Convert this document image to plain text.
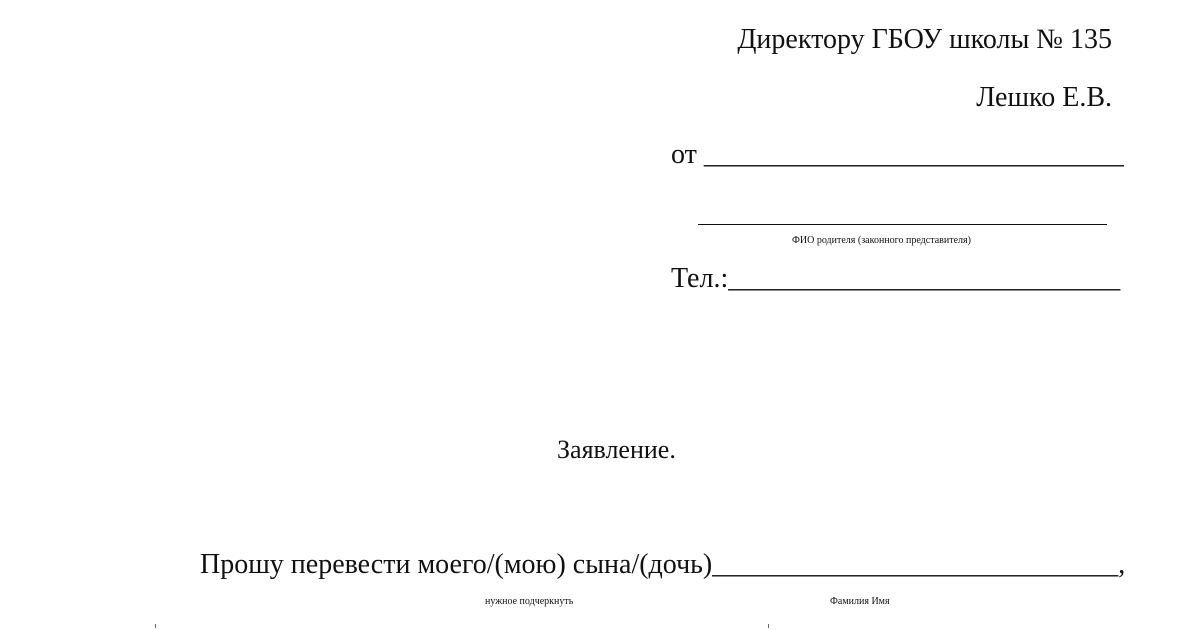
Директору ГБОУ школы № 135
Лешко Е.В.
от ______________________________
ФИО родителя (законного представителя)
Тел.:____________________________
Заявление.
Прошу перевести моего/(мою) сына/(дочь)_____________________________,
нужное подчеркнуть	Фамилия Имя
